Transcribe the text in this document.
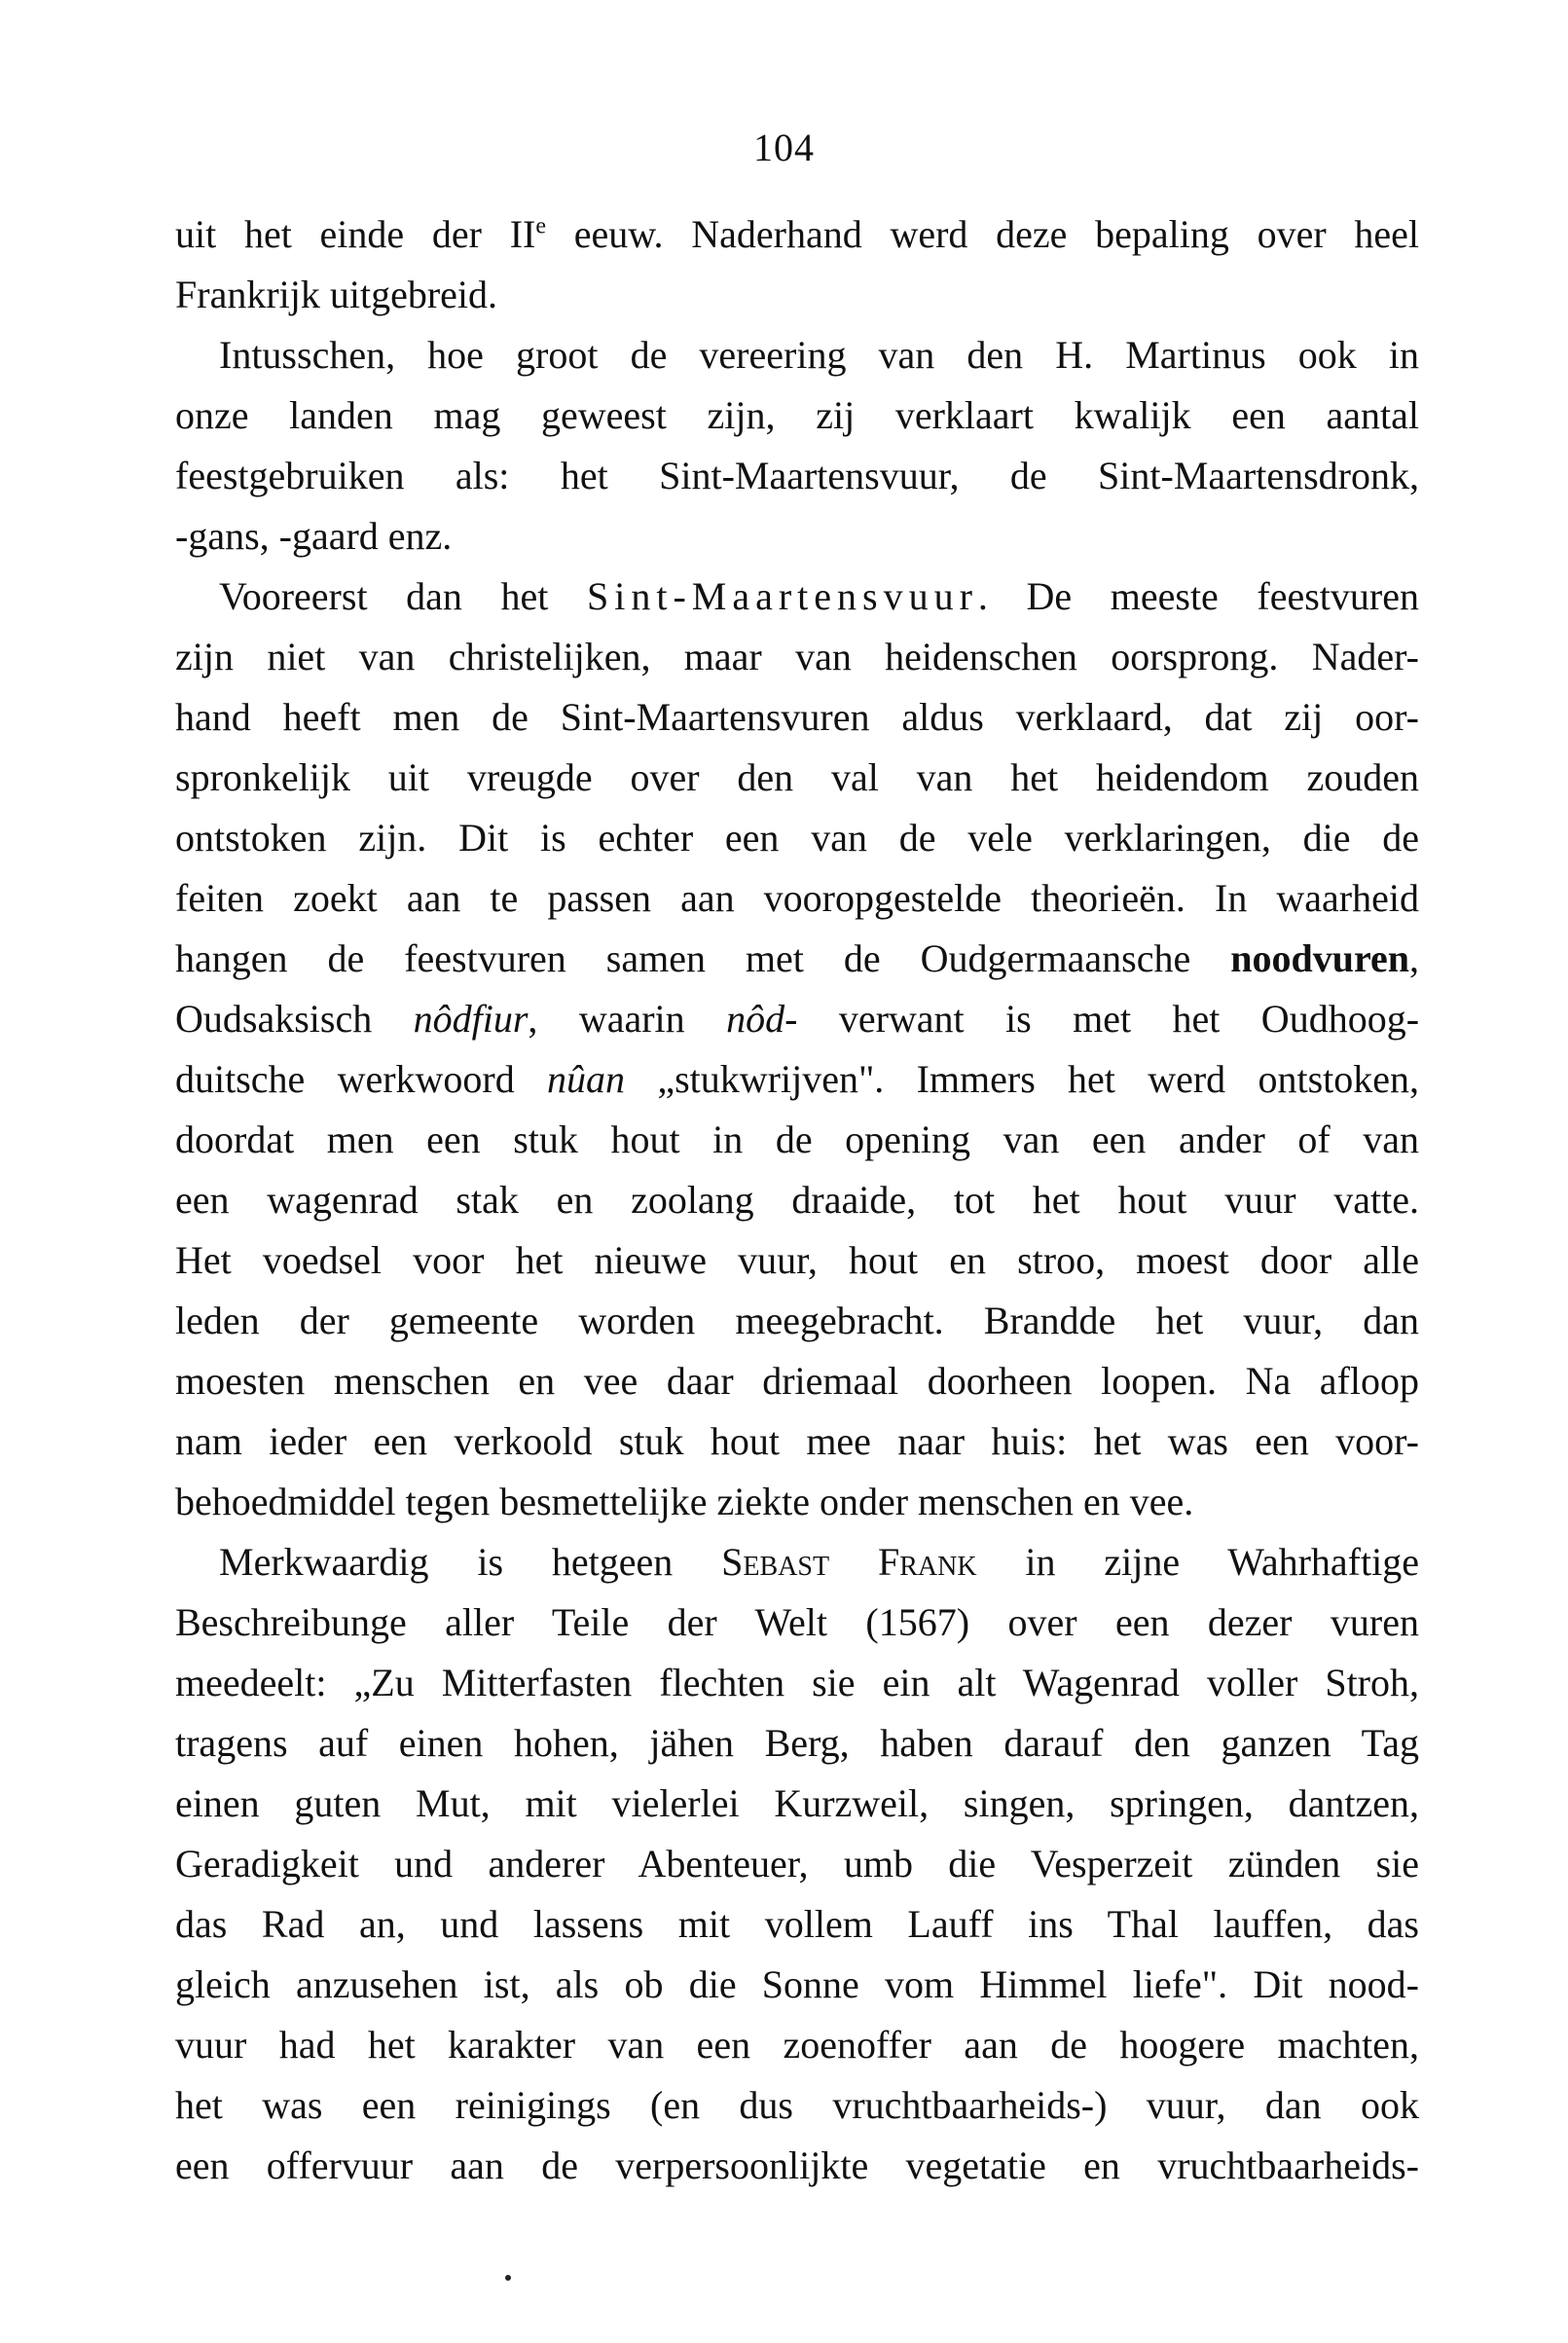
104
uit het einde der IIe eeuw. Naderhand werd deze bepaling over heel
Frankrijk uitgebreid.
Intusschen, hoe groot de vereering van den H. Martinus ook in
onze landen mag geweest zijn, zij verklaart kwalijk een aantal
feestgebruiken als: het Sint-Maartensvuur, de Sint-Maartensdronk,
-gans, -gaard enz.
Vooreerst dan het Sint-Maartensvuur. De meeste feestvuren
zijn niet van christelijken, maar van heidenschen oorsprong. Nader-
hand heeft men de Sint-Maartensvuren aldus verklaard, dat zij oor-
spronkelijk uit vreugde over den val van het heidendom zouden
ontstoken zijn. Dit is echter een van de vele verklaringen, die de
feiten zoekt aan te passen aan vooropgestelde theorieën. In waarheid
hangen de feestvuren samen met de Oudgermaansche noodvuren,
Oudsaksisch nôdfiur, waarin nôd- verwant is met het Oudhoog-
duitsche werkwoord nûan „stukwrijven". Immers het werd ontstoken,
doordat men een stuk hout in de opening van een ander of van
een wagenrad stak en zoolang draaide, tot het hout vuur vatte.
Het voedsel voor het nieuwe vuur, hout en stroo, moest door alle
leden der gemeente worden meegebracht. Brandde het vuur, dan
moesten menschen en vee daar driemaal doorheen loopen. Na afloop
nam ieder een verkoold stuk hout mee naar huis: het was een voor-
behoedmiddel tegen besmettelijke ziekte onder menschen en vee.
Merkwaardig is hetgeen Sebast Frank in zijne Wahrhaftige
Beschreibunge aller Teile der Welt (1567) over een dezer vuren
meedeelt: „Zu Mitterfasten flechten sie ein alt Wagenrad voller Stroh,
tragens auf einen hohen, jähen Berg, haben darauf den ganzen Tag
einen guten Mut, mit vielerlei Kurzweil, singen, springen, dantzen,
Geradigkeit und anderer Abenteuer, umb die Vesperzeit zünden sie
das Rad an, und lassens mit vollem Lauff ins Thal lauffen, das
gleich anzusehen ist, als ob die Sonne vom Himmel liefe". Dit nood-
vuur had het karakter van een zoenoffer aan de hoogere machten,
het was een reinigings (en dus vruchtbaarheids-) vuur, dan ook
een offervuur aan de verpersoonlijkte vegetatie en vruchtbaarheids-
